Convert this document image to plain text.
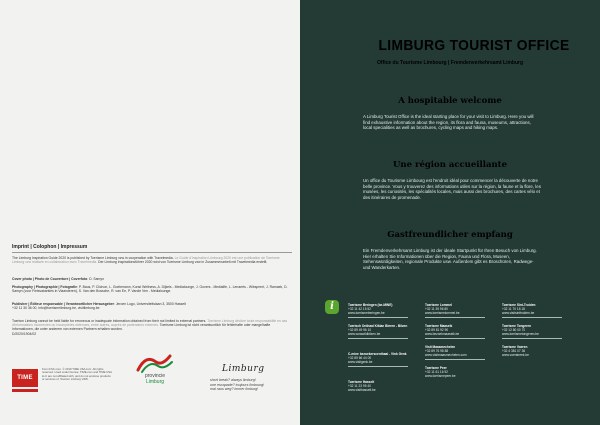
Imprint | Colophon | Impressum
The Limburg Inspiration Guide 2020 is published by Toerisme Limburg vzw in cooperation with Travelmedia. Le Guide d'Inspiration Limbourg 2020 est une publication de Toerisme Limburg vzw réalisée en collaboration avec Travelmedia. Der Limburg Inspirationsführer 2020 wird von Toerisme Limburg vzw in Zusammenarbeit mit Travelmedia erstellt.
Cover photo | Photo de Couverture | Coverfoto: D. Samyn
Photography | Photographie | Fotografie: P. Baus, P. Clichon, L. Goetemann, Kunst Wellness, A. Dijkels - Medialounge, J. Govers - Medialife, L. Lenaerts - Wibsprent, J. Ramaek, D. Samyn (voor Fietsvakanties in Vlaanderen), S. Van den Bossche, R. van Ee, P. Vande Ven - Medialounge.
Publisher | Éditeur responsable | Verantwortlicher Herausgeber: Jeroen Lugo, Universiteitslaan 3, 3500 Hasselt
+32 11 30 36 00, info@toerismelimburg.be, visitlimburg.be
Toerism Limburg cannot be held liable for erroneous or inadequate information obtained from their not limited to external partners. Toerisme Limburg décline toute responsabilité en cas d'informations incorrectes ou incomplètes obtenues, entre autres, auprès de partenaires externes. Toerisme Limburg ist nicht verantwortlich für fehlerhafte oder mangelhafte Informationen, die unter anderem von externen Partnern erhalten wurden.
D/2020/1904/02
TIME
From FSC.com. © 2019 TIME USA LLC. All rights reserved. Used under license. TIME.com and TIME USA LLC are not affiliated with, and do not endorse products or services of, Toerism Limburg VZW.
provincie
Limburg
Limburg
short break? always limburg!
une escapade? toujours limbourg!
mal raus weg? immer limburg!
LIMBURG TOURIST OFFICE
Office du Tourisme Limbourg | Fremdenverkehrsamt Limburg
A hospitable welcome
A Limburg Tourist Office is the ideal starting place for your visit to Limburg. Here you will find exhaustive information about the region, its flora and fauna, museums, attractions, local specialities as well as brochures, cycling maps and hiking maps.
Une région accueillante
Un office du Tourisme Limbourg est l'endroit idéal pour commencer la découverte de notre belle province. Vous y trouverez des informations utiles sur la région, la faune et la flore, les musées, les curiosités, les spécialités locales, mais aussi des brochures, des cartes vélo et des itinéraires de promenade.
Gastfreundlicher empfang
Ein Fremdenverkehrsamt Limburg ist der ideale Startpunkt für Ihren Besuch von Limburg. Hier erhalten Sie Informationen über die Region, Fauna und Flora, Museen, Sehenswürdigkeiten, regionale Produkte usw. Außerdem gibt es Broschüren, Radwege- und Wanderkarten.
i	Toerisme Beringen (be-MINE)
+32 11 42 15 52
www.toerismeberingen.be
Toerisch Onthaal Kiklan Bieren - Bilzen
+32 89 49 96 10
www.wowwildbilzen.be
C-mine bezoekerscenthaal - Vink Genk
+32 89 66 44 00
www.visitgenk.be
Toerisme Hasselt
+32 11 23 95 40
www.visithasselt.be
Toerisme Lommel
+32 11 39 96 80
www.toerismelommel.be
Toerisme Maaseik
+32 89 81 92 90
www.bezoekmaaseik.be
Visit Maasmechelen
+32 89 76 98 88
www.visitmaasmechelen.com
Toerisme Peer
+32 11 61 16 92
www.toerismepeer.be
Toerisme Sint-Truiden
+32 11 70 18 18
www.visitsinttruiden.be
Toerisme Tongeren
+32 12 80 00 70
www.toerismetongeren.be
Toerisme Voeren
+32 4 381 07 36
www.voerstreek.be
